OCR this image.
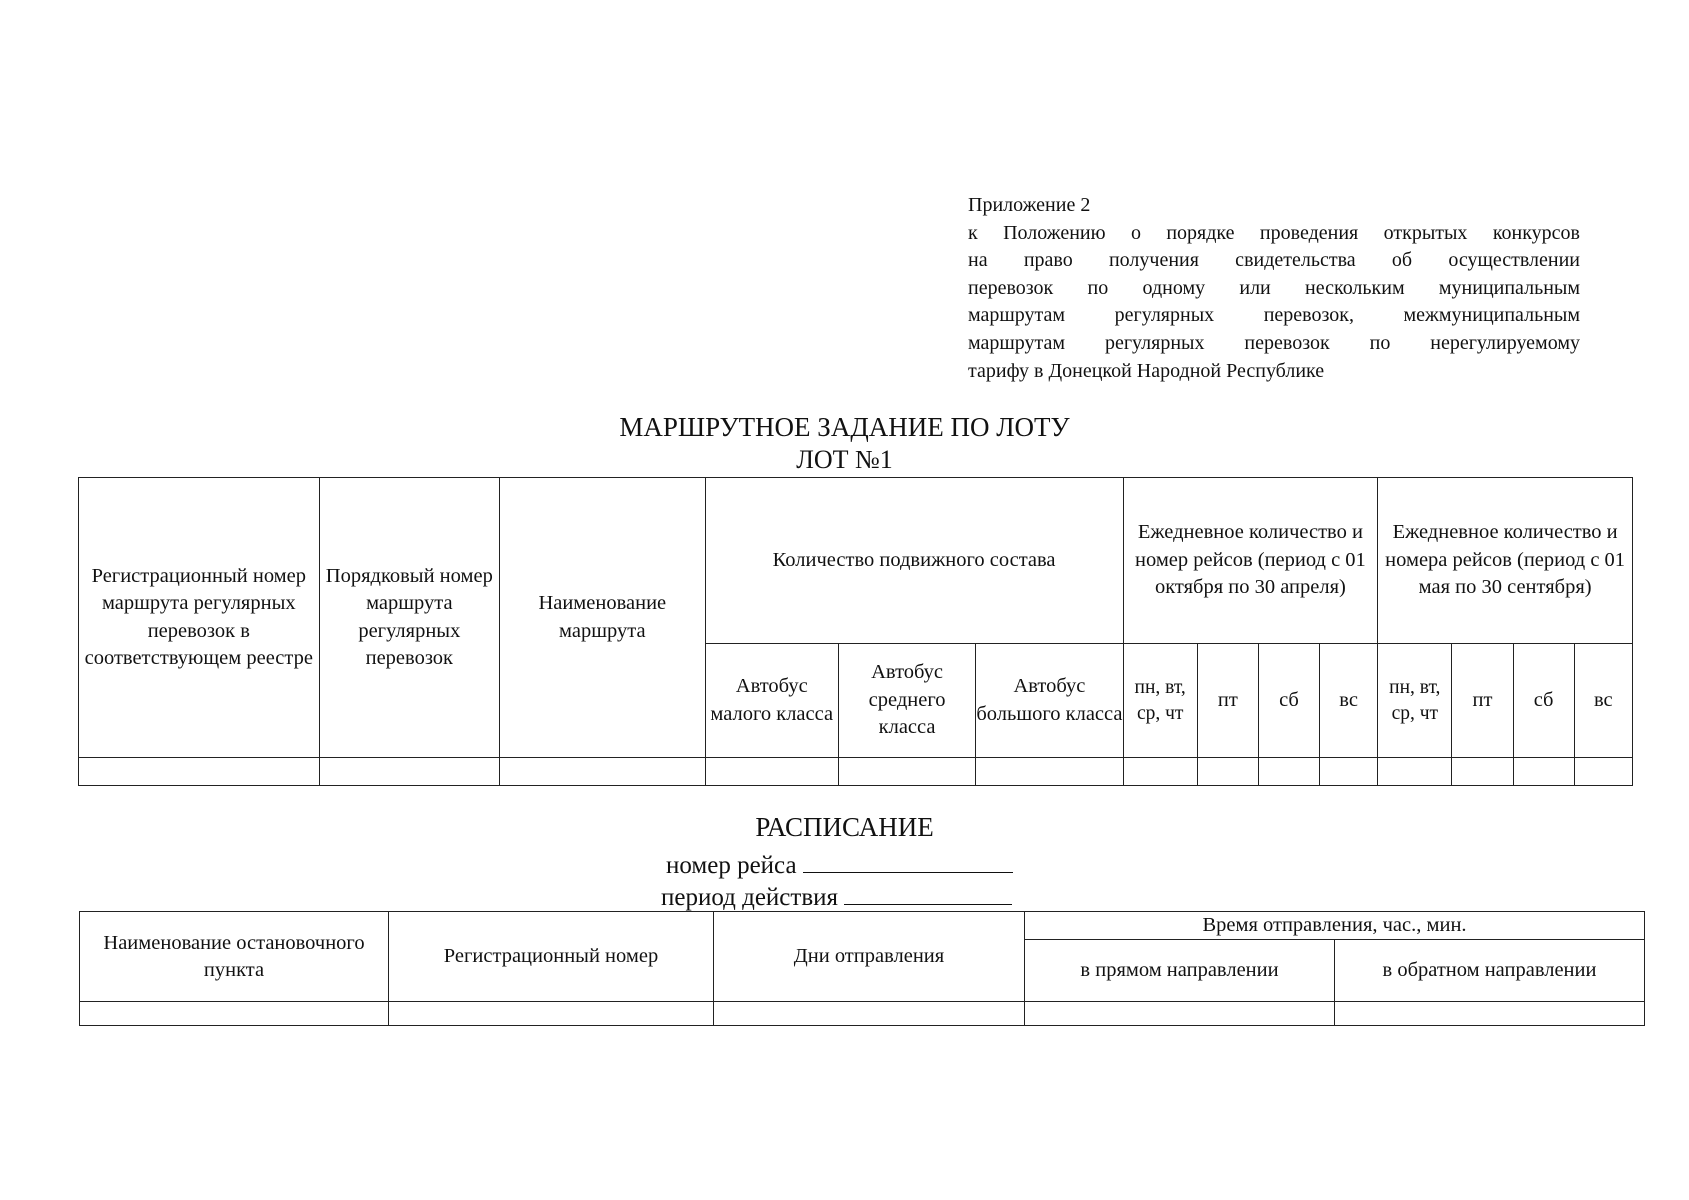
Приложение 2
к Положению о порядке проведения открытых конкурсов
на право получения свидетельства об осуществлении
перевозок по одному или нескольким муниципальным
маршрутам регулярных перевозок, межмуниципальным
маршрутам регулярных перевозок по нерегулируемому
тарифу в Донецкой Народной Республике
МАРШРУТНОЕ ЗАДАНИЕ ПО ЛОТУ
ЛОТ №1
Регистрационный номер маршрута регулярных перевозок в соответствующем реестре	Порядковый номер маршрута регулярных перевозок	Наименование маршрута	Количество подвижного состава			Ежедневное количество и номер рейсов (период с 01 октября по 30 апреля)				Ежедневное количество и номера рейсов (период с 01 мая по 30 сентября)			
			Автобус малого класса	Автобус среднего класса	Автобус большого класса	пн, вт, ср, чт	пт	сб	вс	пн, вт, ср, чт	пт	сб	вс

РАСПИСАНИЕ
номер рейса
период действия
Наименование остановочного пункта	Регистрационный номер	Дни отправления	Время отправления, час., мин.	
			в прямом направлении	в обратном направлении
